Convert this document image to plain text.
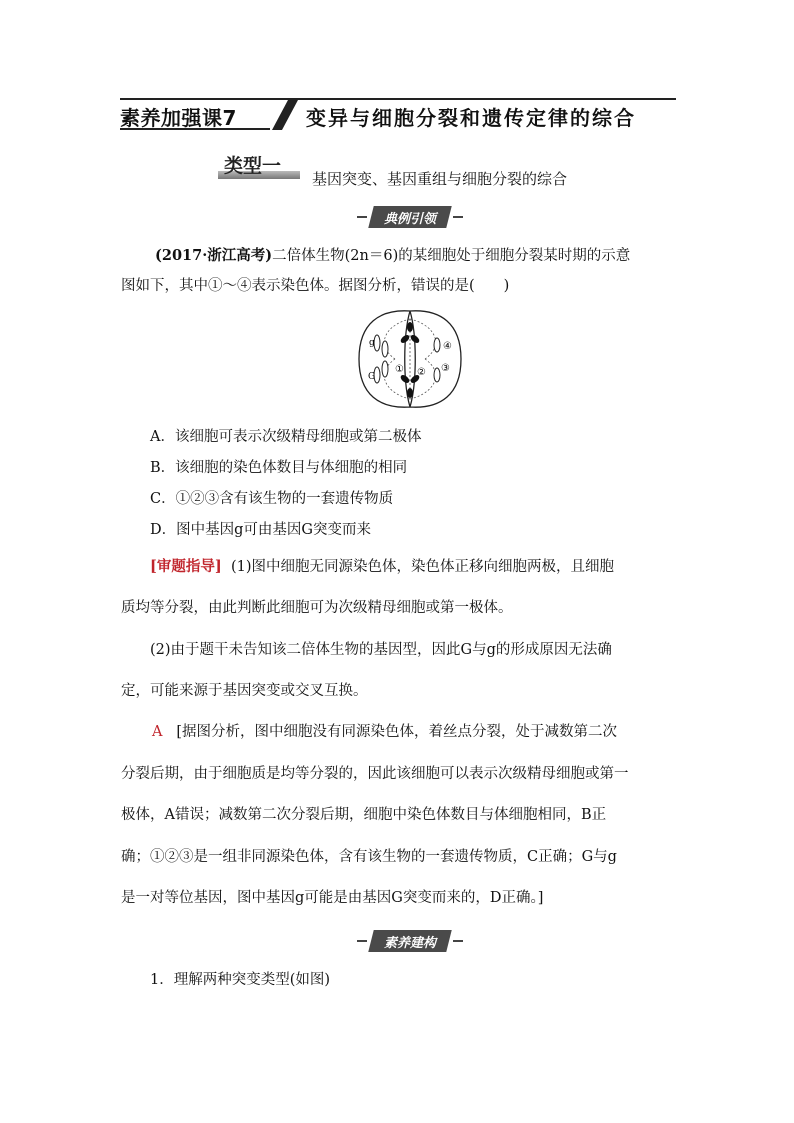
素养加强课7	变异与细胞分裂和遗传定律的综合
类型一
基因突变、基因重组与细胞分裂的综合
典例引领
(2017·浙江高考)二倍体生物(2n＝6)的某细胞处于细胞分裂某时期的示意
图如下，其中①～④表示染色体。据图分析，错误的是(　　)
g
G
① ② ③
④
A．该细胞可表示次级精母细胞或第二极体
B．该细胞的染色体数目与体细胞的相同
C．①②③含有该生物的一套遗传物质
D．图中基因g可由基因G突变而来
[审题指导] (1)图中细胞无同源染色体，染色体正移向细胞两极，且细胞
质均等分裂，由此判断此细胞可为次级精母细胞或第一极体。
(2)由于题干未告知该二倍体生物的基因型，因此G与g的形成原因无法确
定，可能来源于基因突变或交叉互换。
A [据图分析，图中细胞没有同源染色体，着丝点分裂，处于减数第二次
分裂后期，由于细胞质是均等分裂的，因此该细胞可以表示次级精母细胞或第一
极体，A错误；减数第二次分裂后期，细胞中染色体数目与体细胞相同，B正
确；①②③是一组非同源染色体，含有该生物的一套遗传物质，C正确；G与g
是一对等位基因，图中基因g可能是由基因G突变而来的，D正确。]
素养建构
1．理解两种突变类型(如图)
